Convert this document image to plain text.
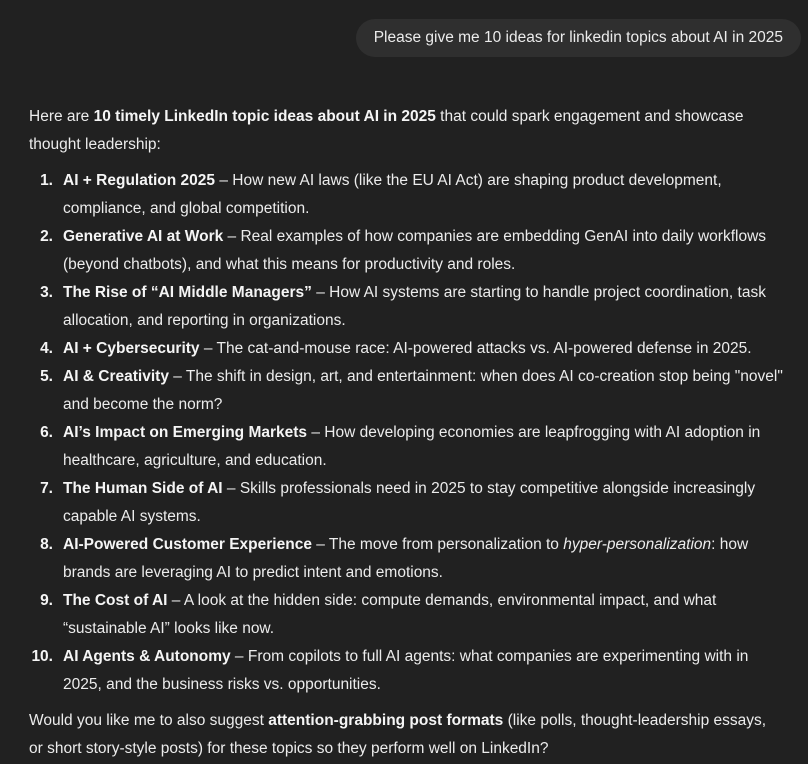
Please give me 10 ideas for linkedin topics about AI in 2025

Here are 10 timely LinkedIn topic ideas about AI in 2025 that could spark engagement and showcase thought leadership:

1. AI + Regulation 2025 – How new AI laws (like the EU AI Act) are shaping product development, compliance, and global competition.
2. Generative AI at Work – Real examples of how companies are embedding GenAI into daily workflows (beyond chatbots), and what this means for productivity and roles.
3. The Rise of “AI Middle Managers” – How AI systems are starting to handle project coordination, task allocation, and reporting in organizations.
4. AI + Cybersecurity – The cat-and-mouse race: AI-powered attacks vs. AI-powered defense in 2025.
5. AI & Creativity – The shift in design, art, and entertainment: when does AI co-creation stop being "novel" and become the norm?
6. AI’s Impact on Emerging Markets – How developing economies are leapfrogging with AI adoption in healthcare, agriculture, and education.
7. The Human Side of AI – Skills professionals need in 2025 to stay competitive alongside increasingly capable AI systems.
8. AI-Powered Customer Experience – The move from personalization to hyper-personalization: how brands are leveraging AI to predict intent and emotions.
9. The Cost of AI – A look at the hidden side: compute demands, environmental impact, and what “sustainable AI” looks like now.
10. AI Agents & Autonomy – From copilots to full AI agents: what companies are experimenting with in 2025, and the business risks vs. opportunities.

Would you like me to also suggest attention-grabbing post formats (like polls, thought-leadership essays, or short story-style posts) for these topics so they perform well on LinkedIn?
